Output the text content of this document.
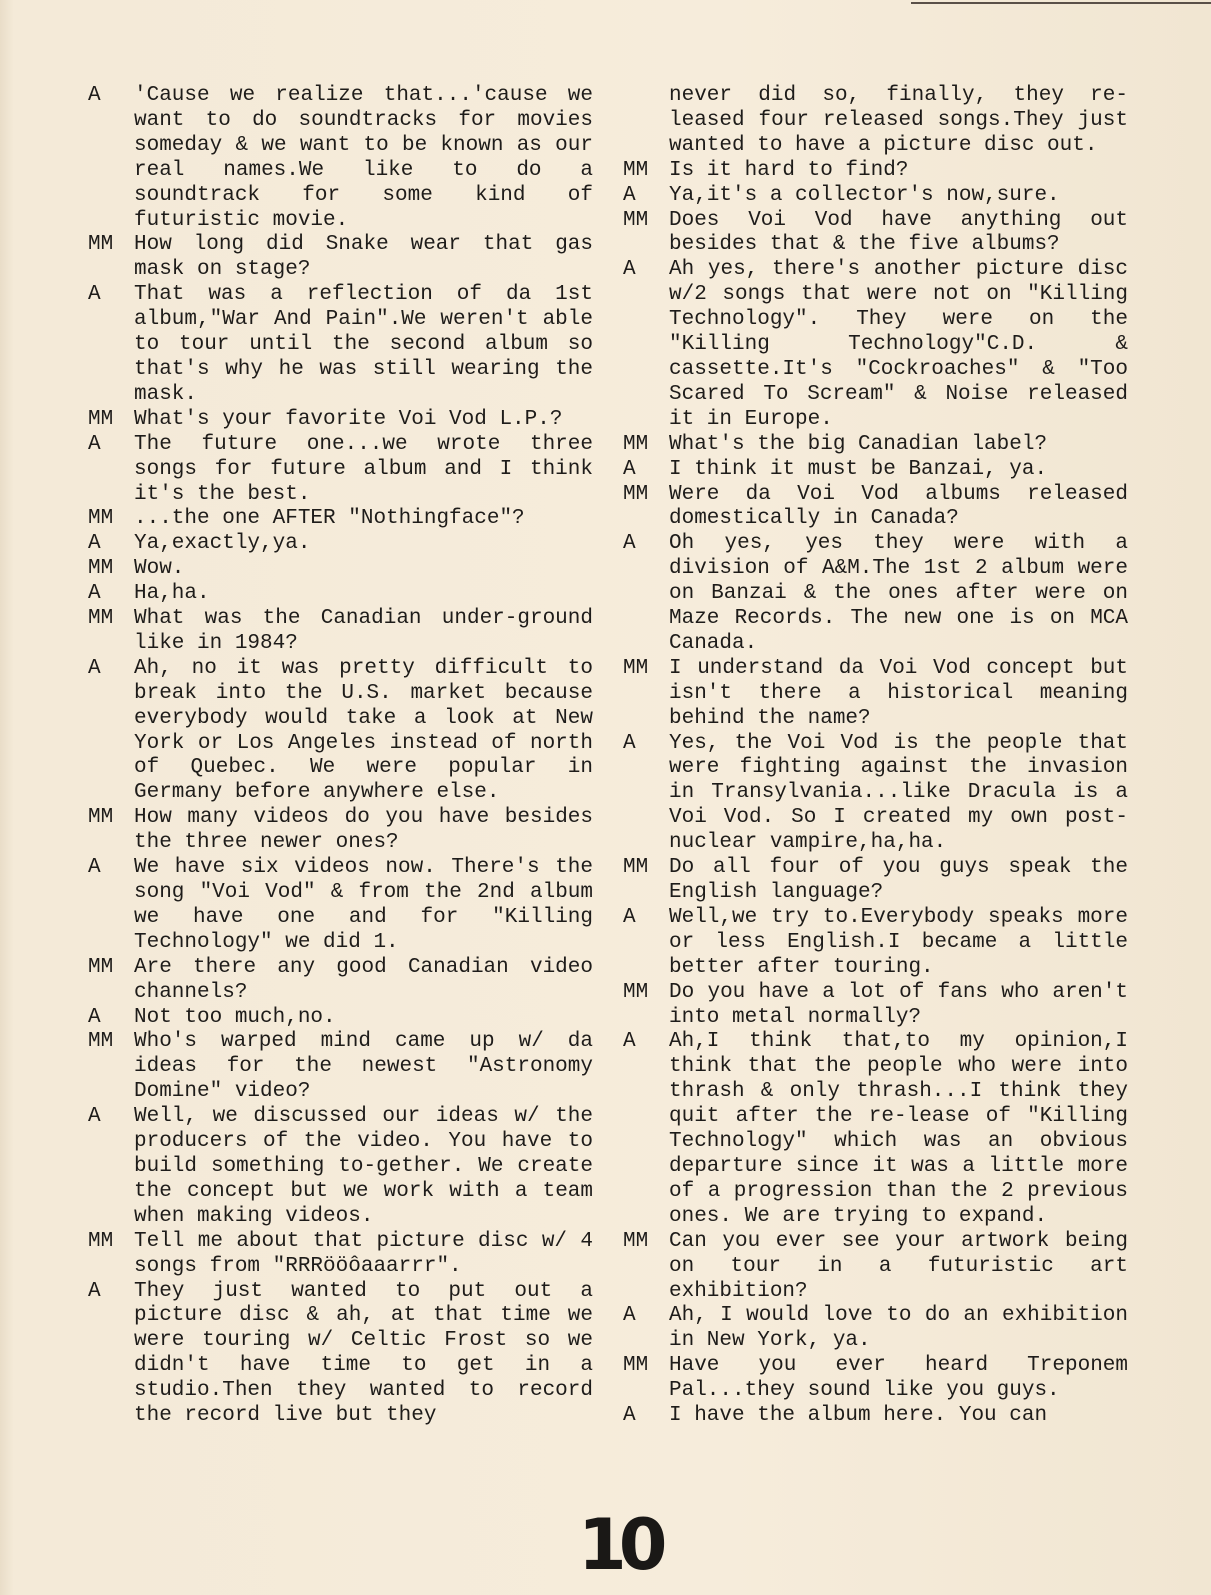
A	'Cause we realize that...'cause we want to do soundtracks for movies someday & we want to be known as our real names.We like to do a soundtrack for some kind of futuristic movie.
MM How long did Snake wear that gas mask on stage?
A	That was a reflection of da 1st album,"War And Pain".We weren't able to tour until the second album so that's why he was still wearing the mask.
MM What's your favorite Voi Vod L.P.?
A	The future one...we wrote three songs for future album and I think it's the best.
MM ...the one AFTER "Nothingface"?
A	Ya,exactly,ya.
MM Wow.
A	Ha,ha.
MM What was the Canadian under-ground like in 1984?
A	Ah, no it was pretty difficult to break into the U.S. market because everybody would take a look at New York or Los Angeles instead of north of Quebec. We were popular in Germany before anywhere else.
MM How many videos do you have besides the three newer ones?
A	We have six videos now. There's the song "Voi Vod" & from the 2nd album we have one and for "Killing Technology" we did 1.
MM Are there any good Canadian video channels?
A	Not too much,no.
MM Who's warped mind came up w/ da ideas for the newest "Astronomy Domine" video?
A	Well, we discussed our ideas w/ the producers of the video. You have to build something to-gether. We create the concept but we work with a team when making videos.
MM Tell me about that picture disc w/ 4 songs from "RRRööôaaarrr".
A	They just wanted to put out a picture disc & ah, at that time we were touring w/ Celtic Frost so we didn't have time to get in a studio.Then they wanted to record the record live but they
never did so, finally, they re-leased four released songs.They just wanted to have a picture disc out.
MM Is it hard to find?
A	Ya,it's a collector's now,sure.
MM Does Voi Vod have anything out besides that & the five albums?
A	Ah yes, there's another picture disc w/2 songs that were not on "Killing Technology". They were on the "Killing Technology"C.D. & cassette.It's "Cockroaches" & "Too Scared To Scream" & Noise released it in Europe.
MM What's the big Canadian label?
A	I think it must be Banzai, ya.
MM Were da Voi Vod albums released domestically in Canada?
A	Oh yes, yes they were with a division of A&M.The 1st 2 album were on Banzai & the ones after were on Maze Records. The new one is on MCA Canada.
MM I understand da Voi Vod concept but isn't there a historical meaning behind the name?
A	Yes, the Voi Vod is the people that were fighting against the invasion in Transylvania...like Dracula is a Voi Vod. So I created my own post-nuclear vampire,ha,ha.
MM Do all four of you guys speak the English language?
A	Well,we try to.Everybody speaks more or less English.I became a little better after touring.
MM Do you have a lot of fans who aren't into metal normally?
A	Ah,I think that,to my opinion,I think that the people who were into thrash & only thrash...I think they quit after the re-lease of "Killing Technology" which was an obvious departure since it was a little more of a progression than the 2 previous ones. We are trying to expand.
MM Can you ever see your artwork being on tour in a futuristic art exhibition?
A	Ah, I would love to do an exhibition in New York, ya.
MM Have you ever heard Treponem Pal...they sound like you guys.
A	I have the album here. You can
10
